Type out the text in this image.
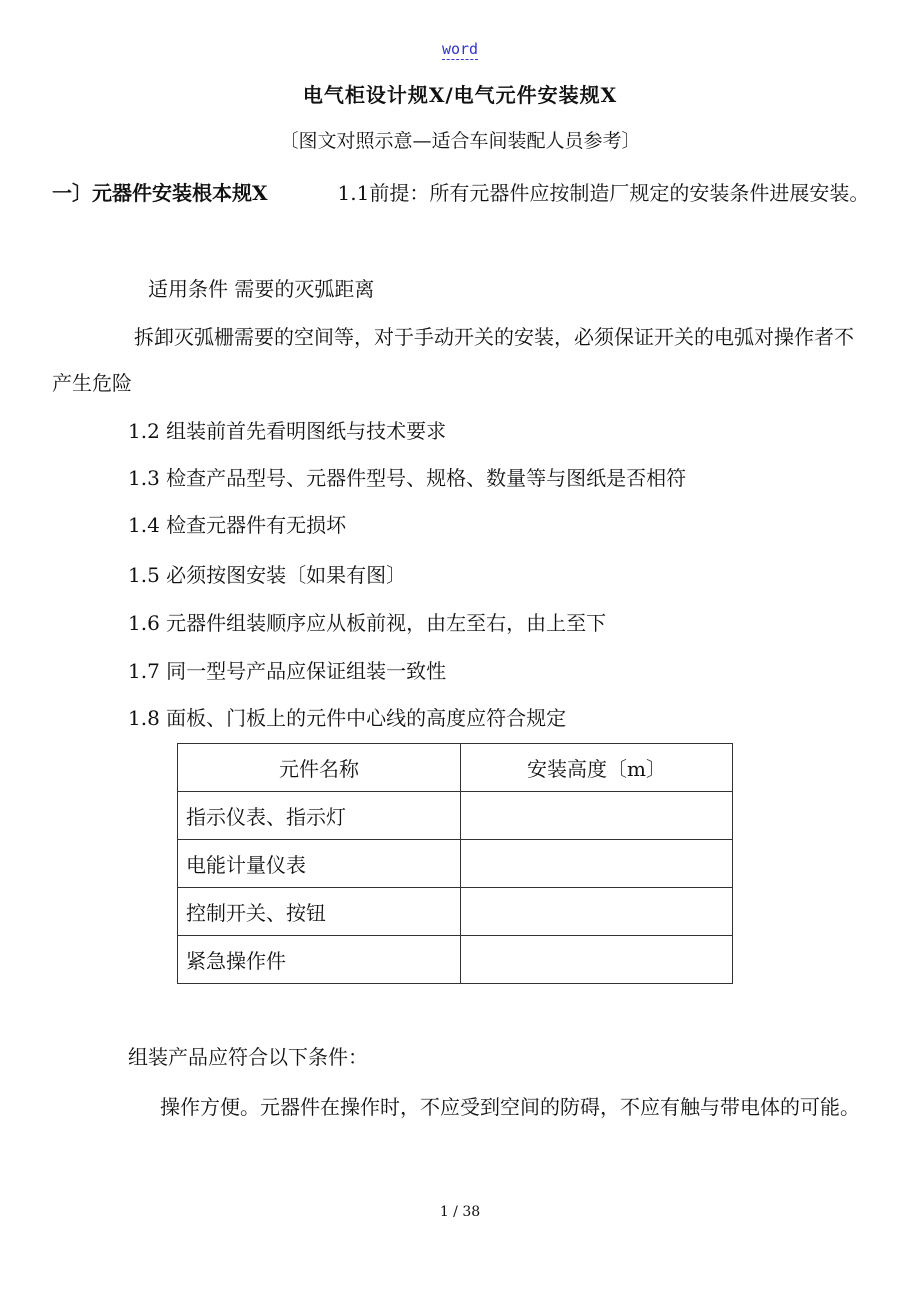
word
电气柜设计规X/电气元件安装规X
〔图文对照示意—适合车间装配人员参考〕
一〕元器件安装根本规X	1.1前提：所有元器件应按制造厂规定的安装条件进展安装。
适用条件 需要的灭弧距离
拆卸灭弧栅需要的空间等，对于手动开关的安装，必须保证开关的电弧对操作者不产生危险
1.2 组装前首先看明图纸与技术要求
1.3 检查产品型号、元器件型号、规格、数量等与图纸是否相符
1.4 检查元器件有无损坏
1.5 必须按图安装〔如果有图〕
1.6 元器件组装顺序应从板前视，由左至右，由上至下
1.7 同一型号产品应保证组装一致性
1.8 面板、门板上的元件中心线的高度应符合规定
元件名称	安装高度〔m〕
指示仪表、指示灯	
电能计量仪表	
控制开关、按钮	
紧急操作件	
组装产品应符合以下条件：
操作方便。元器件在操作时，不应受到空间的防碍，不应有触与带电体的可能。
1 / 38
